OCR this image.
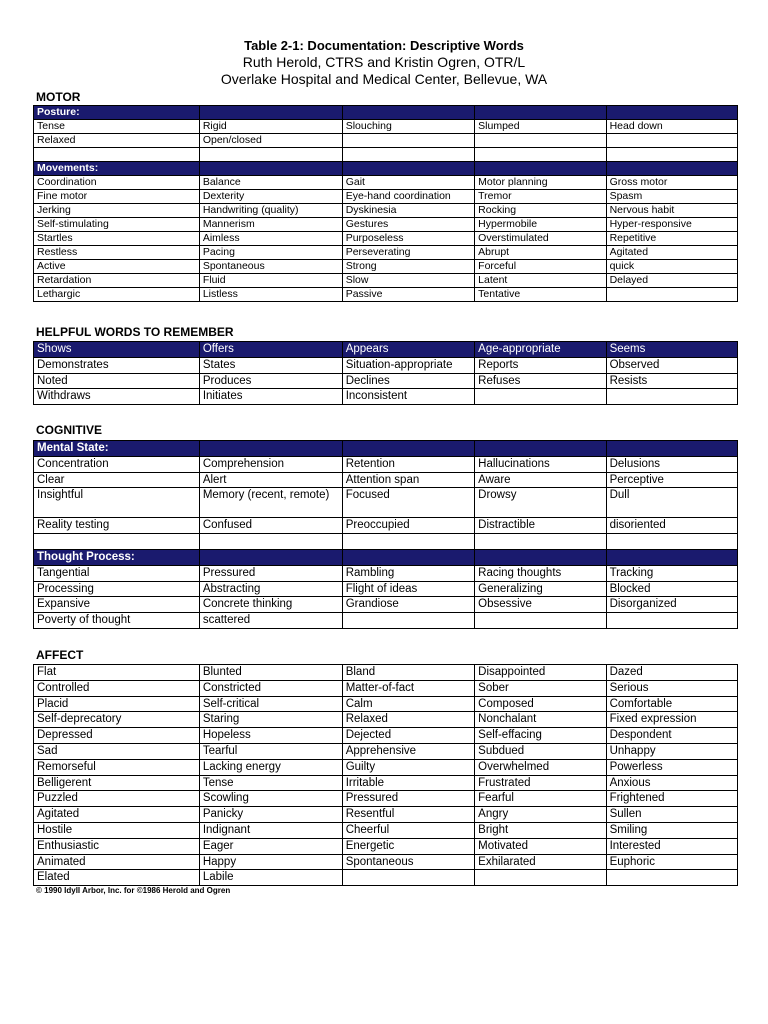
Table 2-1: Documentation: Descriptive Words
Ruth Herold, CTRS and Kristin Ogren, OTR/L
Overlake Hospital and Medical Center, Bellevue, WA
MOTOR
Posture:				
Tense	Rigid	Slouching	Slumped	Head down
Relaxed	Open/closed			

Movements:				
Coordination	Balance	Gait	Motor planning	Gross motor
Fine motor	Dexterity	Eye-hand coordination	Tremor	Spasm
Jerking	Handwriting (quality)	Dyskinesia	Rocking	Nervous habit
Self-stimulating	Mannerism	Gestures	Hypermobile	Hyper-responsive
Startles	Aimless	Purposeless	Overstimulated	Repetitive
Restless	Pacing	Perseverating	Abrupt	Agitated
Active	Spontaneous	Strong	Forceful	quick
Retardation	Fluid	Slow	Latent	Delayed
Lethargic	Listless	Passive	Tentative	
HELPFUL WORDS TO REMEMBER
Shows	Offers	Appears	Age-appropriate	Seems
Demonstrates	States	Situation-appropriate	Reports	Observed
Noted	Produces	Declines	Refuses	Resists
Withdraws	Initiates	Inconsistent		
COGNITIVE
Mental State:				
Concentration	Comprehension	Retention	Hallucinations	Delusions
Clear	Alert	Attention span	Aware	Perceptive
Insightful	Memory (recent, remote)	Focused	Drowsy	Dull
Reality testing	Confused	Preoccupied	Distractible	disoriented

Thought Process:				
Tangential	Pressured	Rambling	Racing thoughts	Tracking
Processing	Abstracting	Flight of ideas	Generalizing	Blocked
Expansive	Concrete thinking	Grandiose	Obsessive	Disorganized
Poverty of thought	scattered			
AFFECT
Flat	Blunted	Bland	Disappointed	Dazed
Controlled	Constricted	Matter-of-fact	Sober	Serious
Placid	Self-critical	Calm	Composed	Comfortable
Self-deprecatory	Staring	Relaxed	Nonchalant	Fixed expression
Depressed	Hopeless	Dejected	Self-effacing	Despondent
Sad	Tearful	Apprehensive	Subdued	Unhappy
Remorseful	Lacking energy	Guilty	Overwhelmed	Powerless
Belligerent	Tense	Irritable	Frustrated	Anxious
Puzzled	Scowling	Pressured	Fearful	Frightened
Agitated	Panicky	Resentful	Angry	Sullen
Hostile	Indignant	Cheerful	Bright	Smiling
Enthusiastic	Eager	Energetic	Motivated	Interested
Animated	Happy	Spontaneous	Exhilarated	Euphoric
Elated	Labile			
© 1990 Idyll Arbor, Inc. for ©1986 Herold and Ogren
